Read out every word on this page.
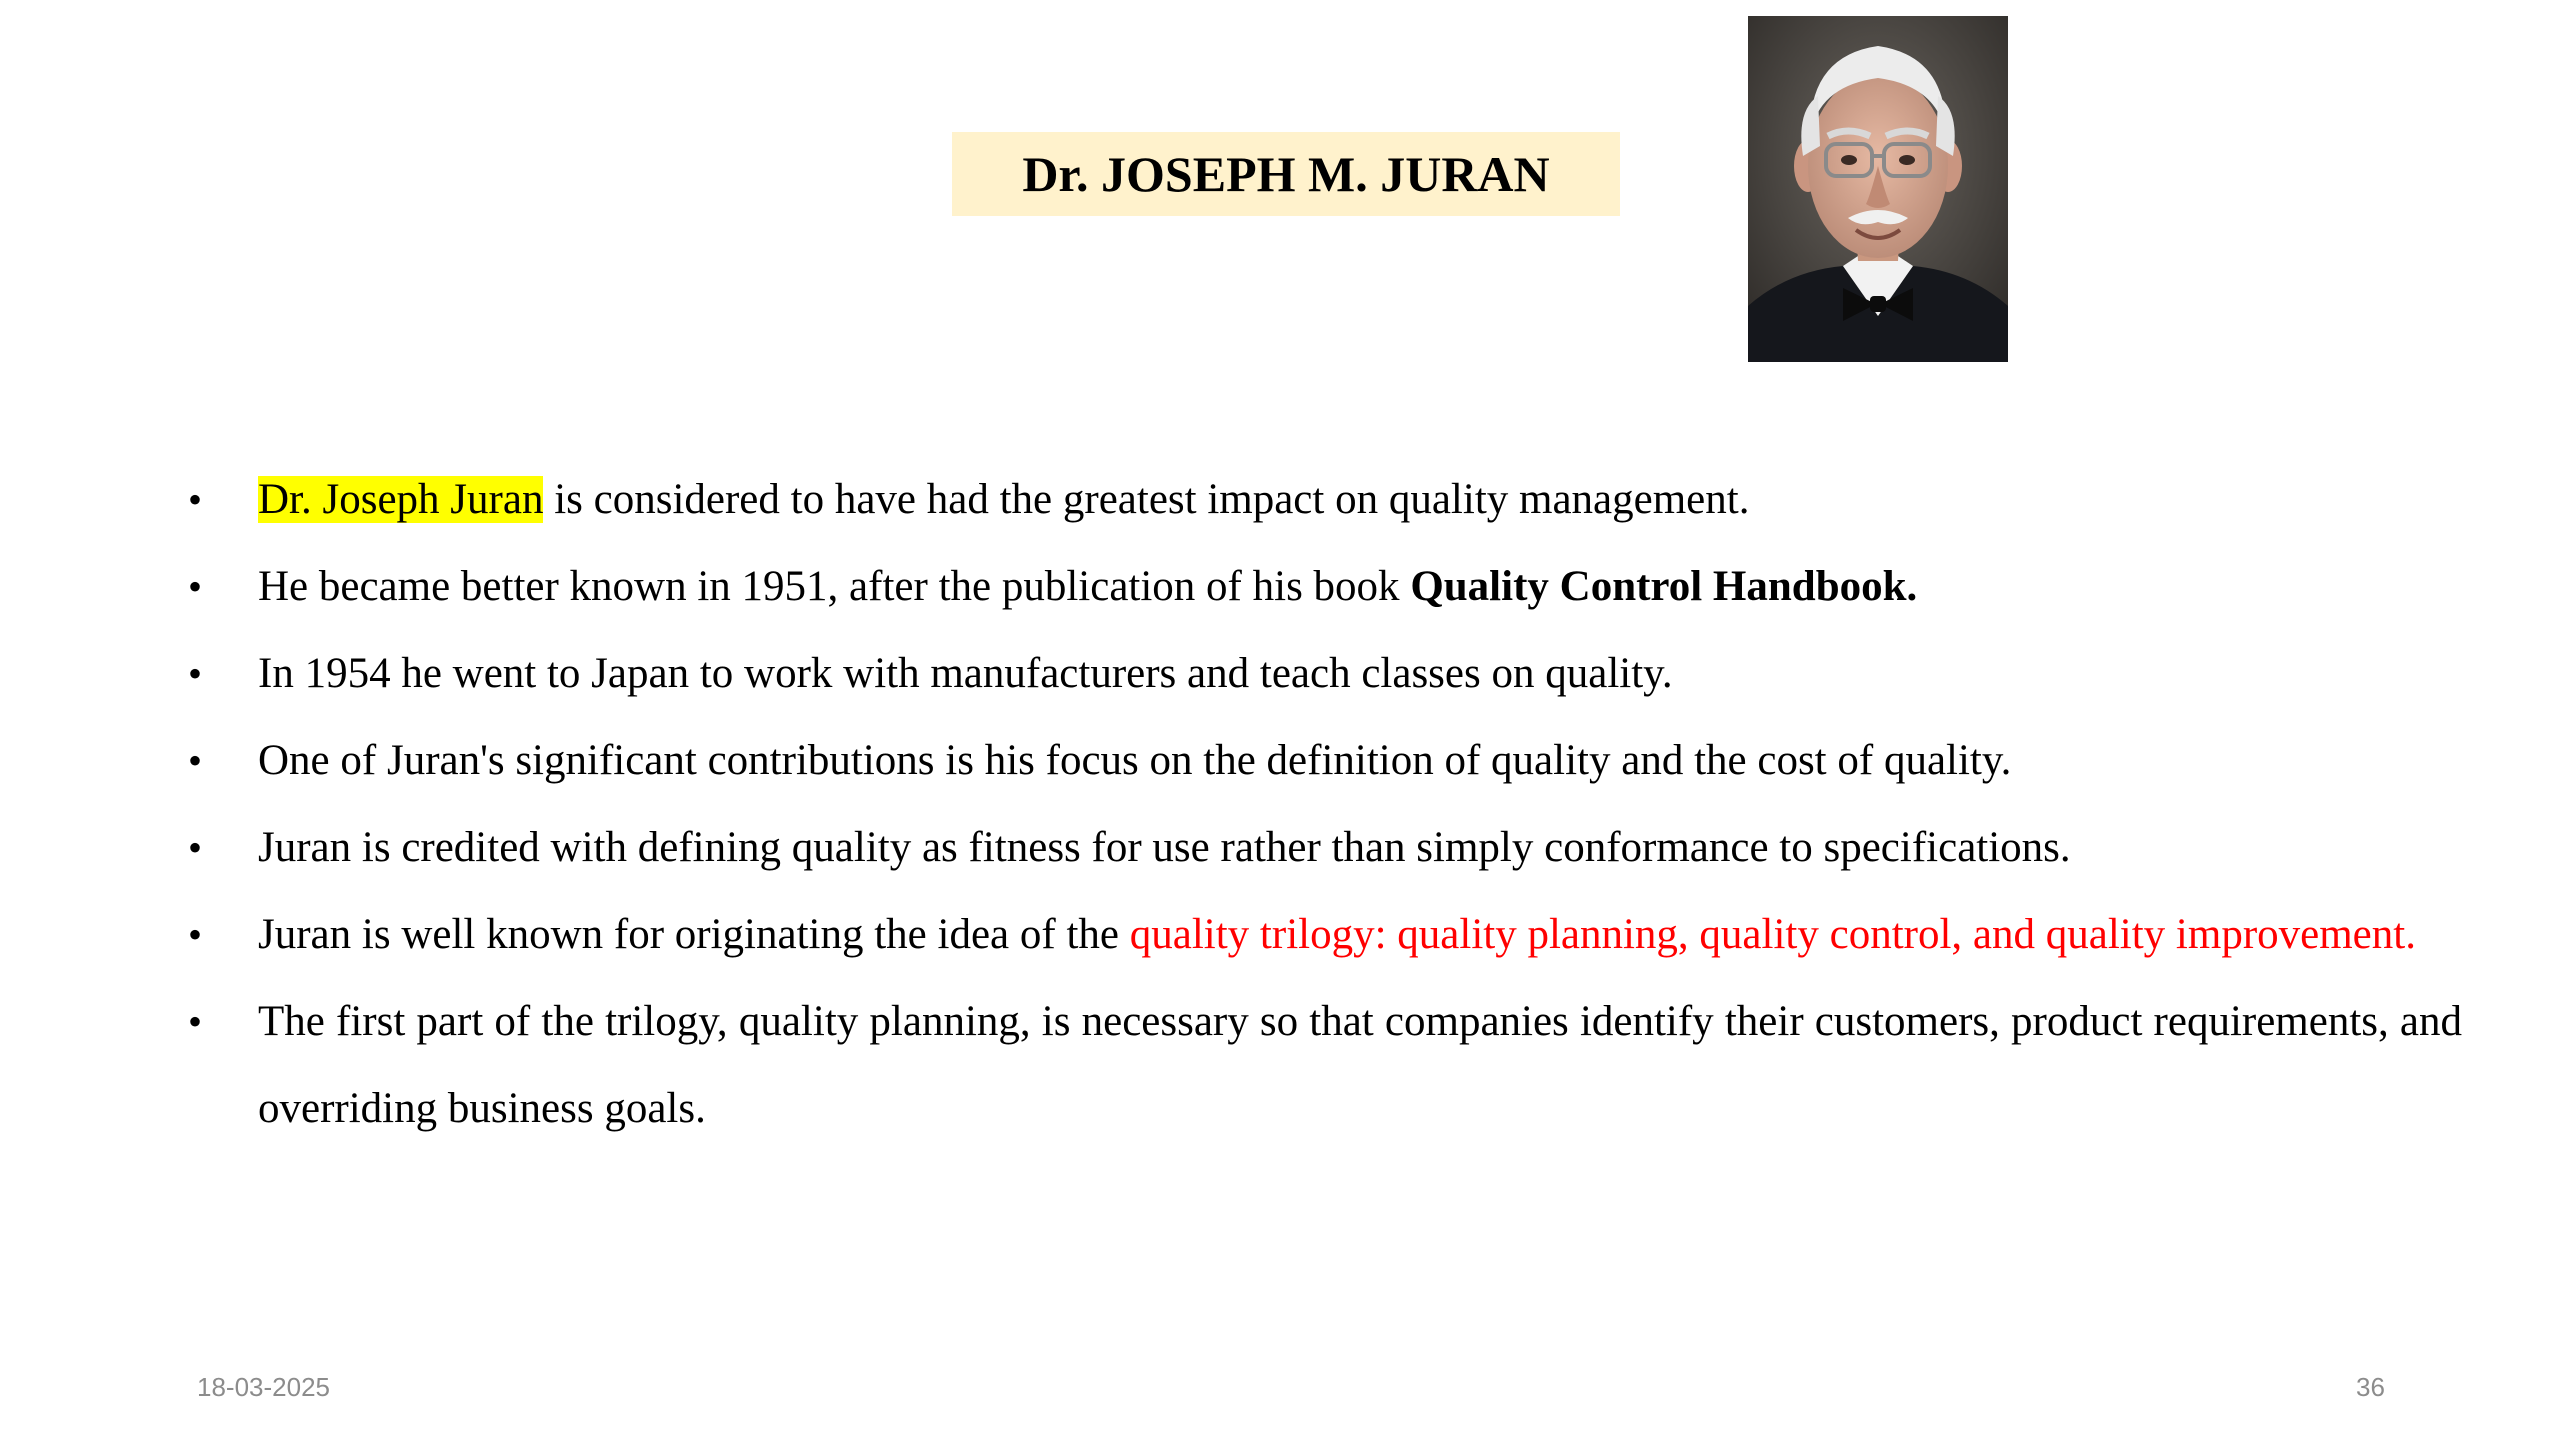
Dr. JOSEPH M. JURAN
• Dr. Joseph Juran is considered to have had the greatest impact on quality management.
• He became better known in 1951, after the publication of his book Quality Control Handbook.
• In 1954 he went to Japan to work with manufacturers and teach classes on quality.
• One of Juran's significant contributions is his focus on the definition of quality and the cost of quality.
• Juran is credited with defining quality as fitness for use rather than simply conformance to specifications.
• Juran is well known for originating the idea of the quality trilogy: quality planning, quality control, and quality improvement.
• The first part of the trilogy, quality planning, is necessary so that companies identify their customers, product requirements, and overriding business goals.
18-03-2025	36
